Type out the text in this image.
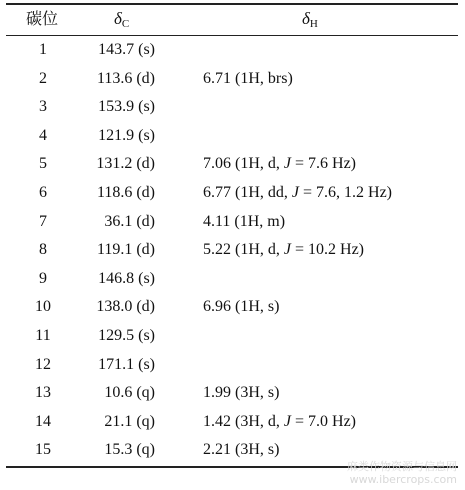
碳位	$\delta_C$	$\delta_H$
1	143.7 (s)
2	113.6 (d)	6.71 (1H, brs)
3	153.9 (s)
4	121.9 (s)
5	131.2 (d)	7.06 (1H, d, J = 7.6 Hz)
6	118.6 (d)	6.77 (1H, dd, J = 7.6, 1.2 Hz)
7	36.1 (d)	4.11 (1H, m)
8	119.1 (d)	5.22 (1H, d, J = 10.2 Hz)
9	146.8 (s)
10	138.0 (d)	6.96 (1H, s)
11	129.5 (s)
12	171.1 (s)
13	10.6 (q)	1.99 (3H, s)
14	21.1 (q)	1.42 (3H, d, J = 7.0 Hz)
15	15.3 (q)	2.21 (3H, s)
麻类作物资源与信息网
www.ibercrops.com
